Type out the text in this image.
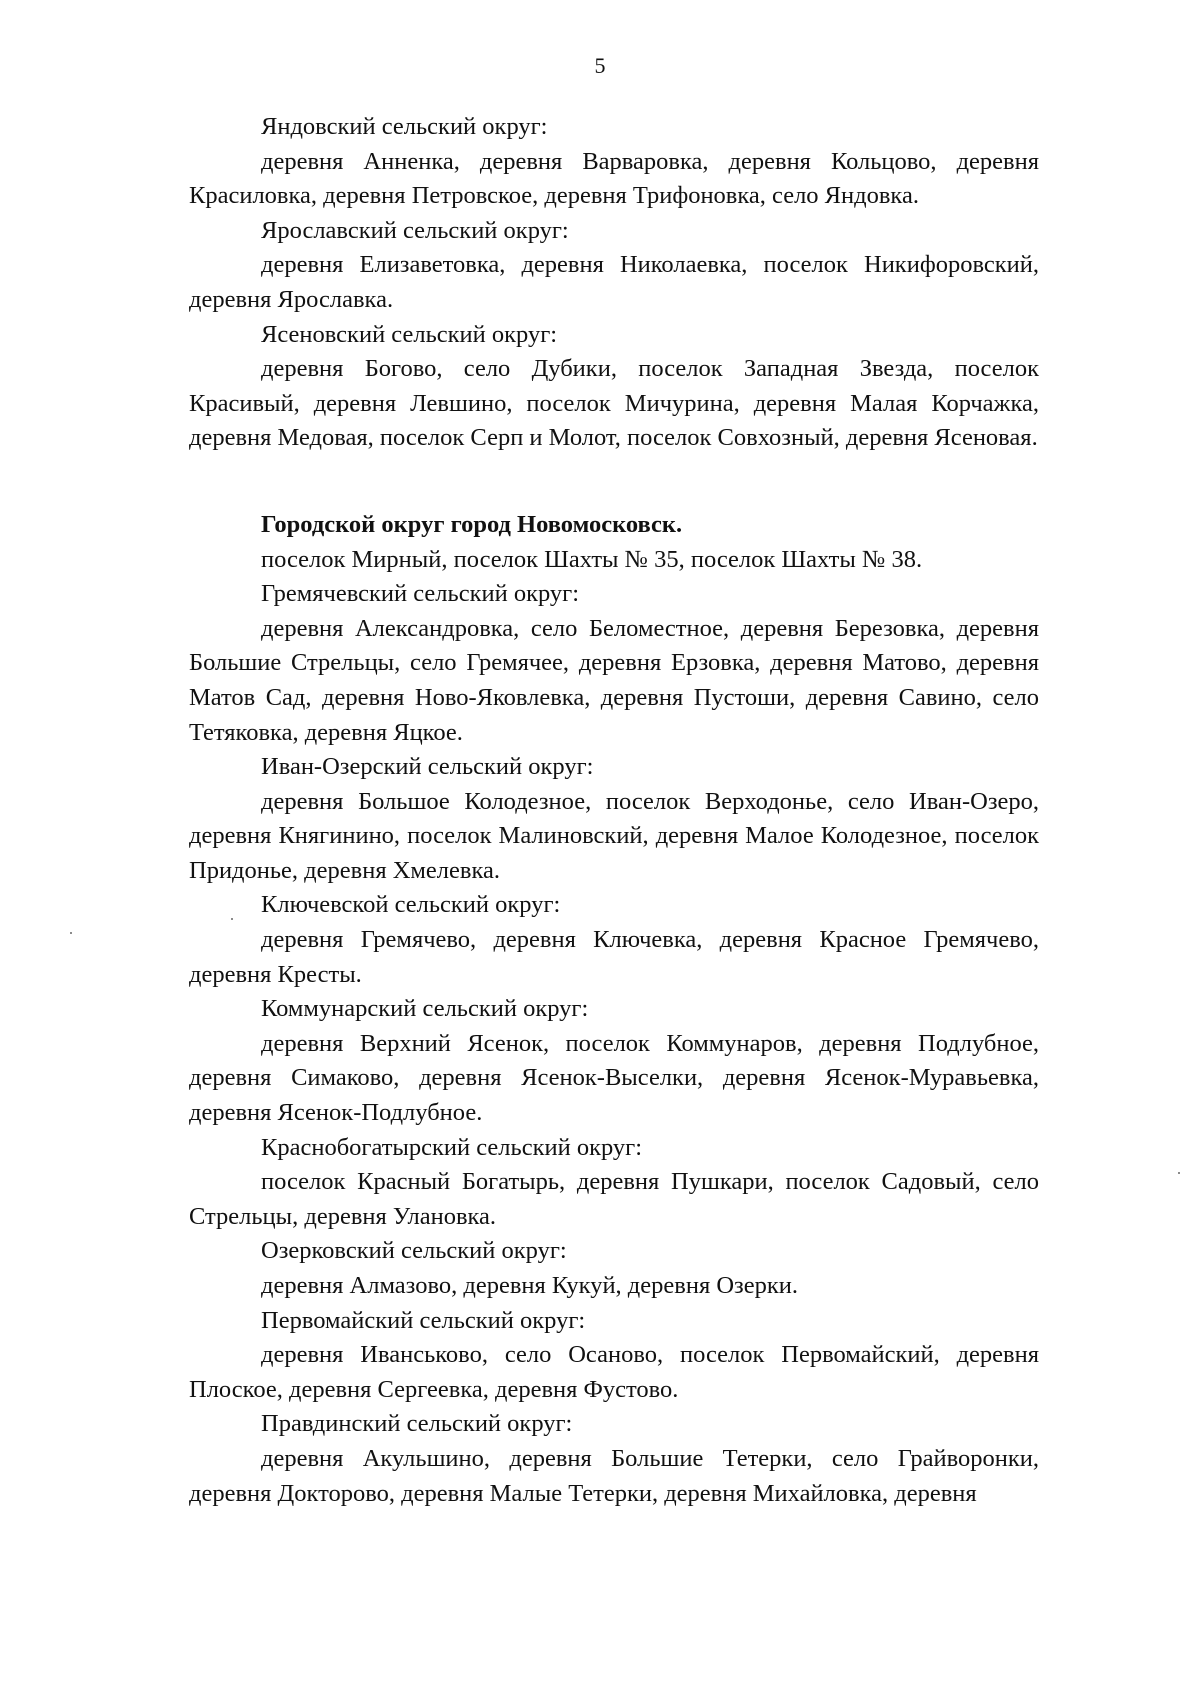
5

Яндовский сельский округ:

деревня Анненка, деревня Варваровка, деревня Кольцово, деревня Красиловка, деревня Петровское, деревня Трифоновка, село Яндовка.

Ярославский сельский округ:

деревня Елизаветовка, деревня Николаевка, поселок Никифоровский, деревня Ярославка.

Ясеновский сельский округ:

деревня Богово, село Дубики, поселок Западная Звезда, поселок Красивый, деревня Левшино, поселок Мичурина, деревня Малая Корчажка, деревня Медовая, поселок Серп и Молот, поселок Совхозный, деревня Ясеновая.

Городской округ город Новомосковск.

поселок Мирный, поселок Шахты № 35, поселок Шахты № 38.

Гремячевский сельский округ:

деревня Александровка, село Беломестное, деревня Березовка, деревня Большие Стрельцы, село Гремячее, деревня Ерзовка, деревня Матово, деревня Матов Сад, деревня Ново-Яковлевка, деревня Пустоши, деревня Савино, село Тетяковка, деревня Яцкое.

Иван-Озерский сельский округ:

деревня Большое Колодезное, поселок Верходонье, село Иван-Озеро, деревня Княгинино, поселок Малиновский, деревня Малое Колодезное, поселок Придонье, деревня Хмелевка.

Ключевской сельский округ:

деревня Гремячево, деревня Ключевка, деревня Красное Гремячево, деревня Кресты.

Коммунарский сельский округ:

деревня Верхний Ясенок, поселок Коммунаров, деревня Подлубное, деревня Симаково, деревня Ясенок-Выселки, деревня Ясенок-Муравьевка, деревня Ясенок-Подлубное.

Краснобогатырский сельский округ:

поселок Красный Богатырь, деревня Пушкари, поселок Садовый, село Стрельцы, деревня Улановка.

Озерковский сельский округ:

деревня Алмазово, деревня Кукуй, деревня Озерки.

Первомайский сельский округ:

деревня Иванськово, село Осаново, поселок Первомайский, деревня Плоское, деревня Сергеевка, деревня Фустово.

Правдинский сельский округ:

деревня Акульшино, деревня Большие Тетерки, село Грайворонки, деревня Докторово, деревня Малые Тетерки, деревня Михайловка, деревня
